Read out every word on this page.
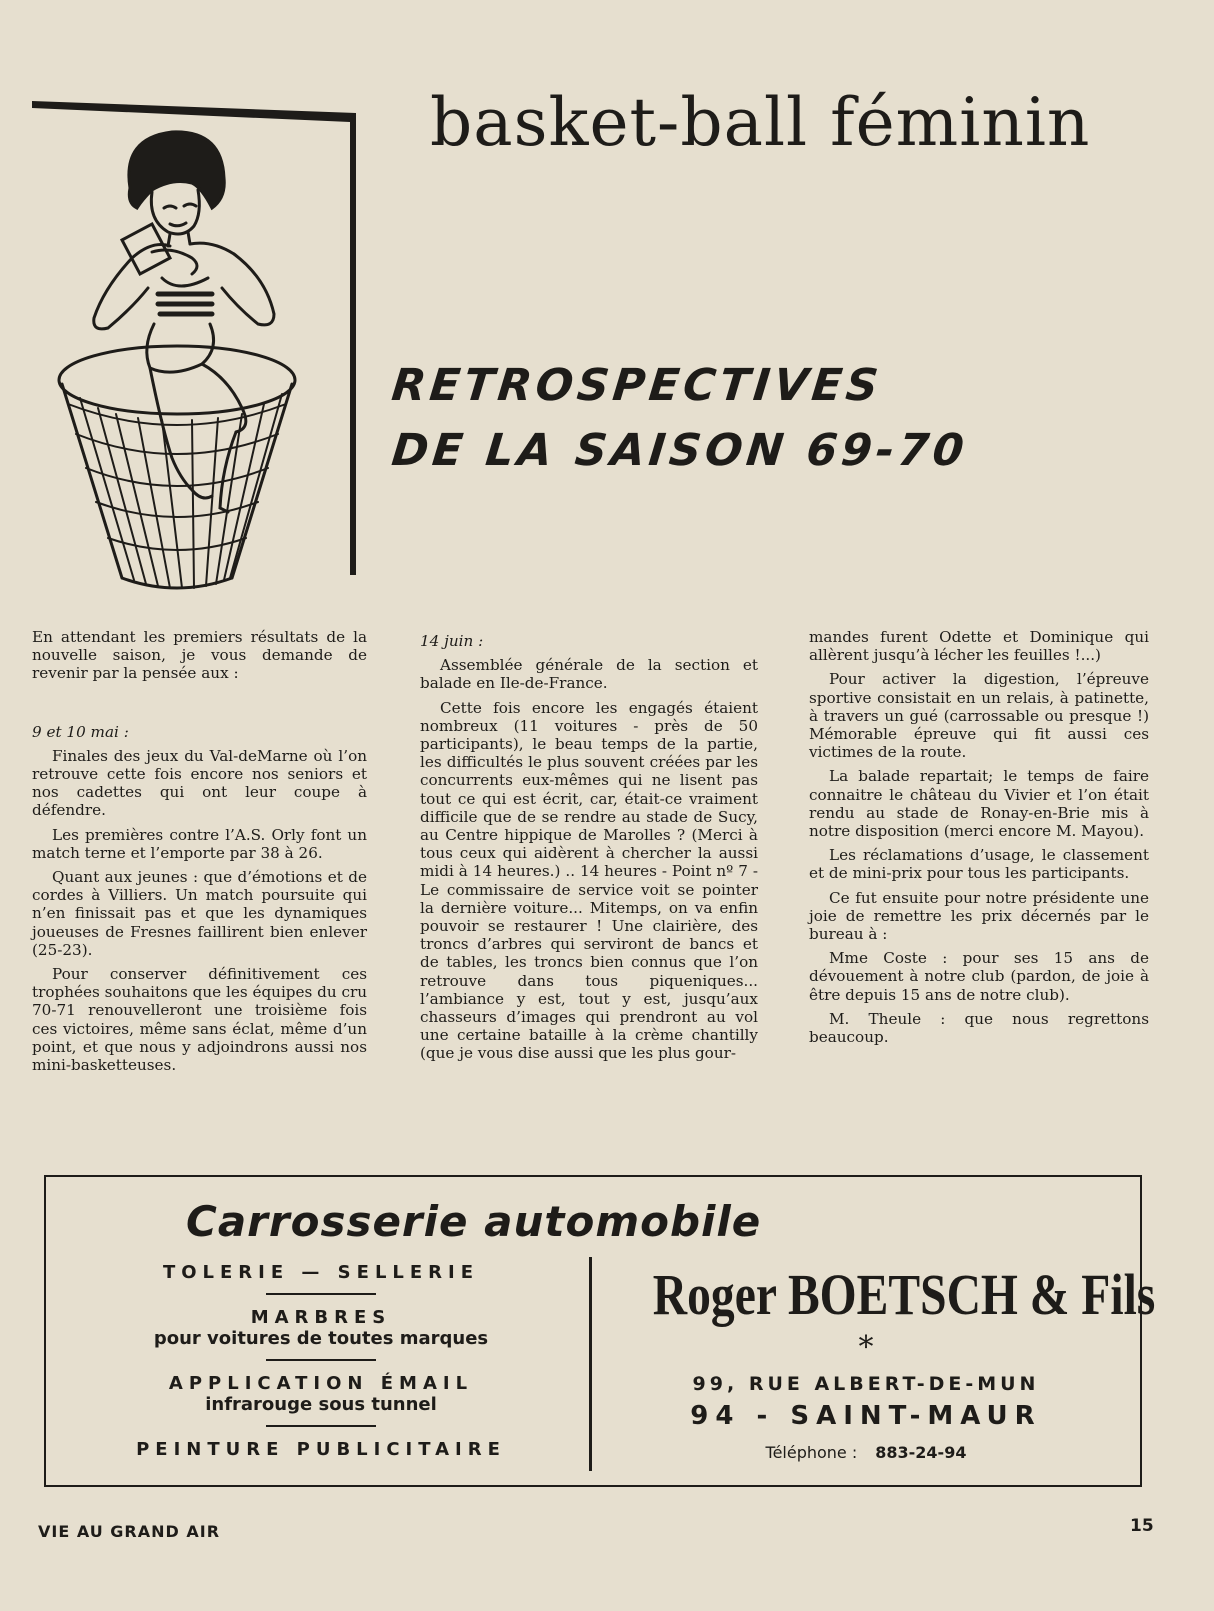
basket-ball féminin
RETROSPECTIVES
DE LA SAISON 69-70

En attendant les premiers résultats de la nouvelle saison, je vous demande de revenir par la pensée aux :

9 et 10 mai :

Finales des jeux du Val-deMarne où l’on retrouve cette fois encore nos seniors et nos cadettes qui ont leur coupe à défendre.

Les premières contre l’A.S. Orly font un match terne et l’emporte par 38 à 26.

Quant aux jeunes : que d’émotions et de cordes à Villiers. Un match poursuite qui n’en finissait pas et que les dynamiques joueuses de Fresnes faillirent bien enlever (25-23).

Pour conserver définitivement ces trophées souhaitons que les équipes du cru 70-71 renouvelleront une troisième fois ces victoires, même sans éclat, même d’un point, et que nous y adjoindrons aussi nos mini-basketteuses.

14 juin :

Assemblée générale de la section et balade en Ile-de-France.

Cette fois encore les engagés étaient nombreux (11 voitures - près de 50 participants), le beau temps de la partie, les difficultés le plus souvent créées par les concurrents eux-mêmes qui ne lisent pas tout ce qui est écrit, car, était-ce vraiment difficile que de se rendre au stade de Sucy, au Centre hippique de Marolles ? (Merci à tous ceux qui aidèrent à chercher la aussi midi à 14 heures.) .. 14 heures - Point nº 7 - Le commissaire de service voit se pointer la dernière voiture... Mitemps, on va enfin pouvoir se restaurer ! Une clairière, des troncs d’arbres qui serviront de bancs et de tables, les troncs bien connus que l’on retrouve dans tous piqueniques... l’ambiance y est, tout y est, jusqu’aux chasseurs d’images qui prendront au vol une certaine bataille à la crème chantilly (que je vous dise aussi que les plus gour-

mandes furent Odette et Dominique qui allèrent jusqu’à lécher les feuilles !...)

Pour activer la digestion, l’épreuve sportive consistait en un relais, à patinette, à travers un gué (carrossable ou presque !) Mémorable épreuve qui fit aussi ces victimes de la route.

La balade repartait; le temps de faire connaitre le château du Vivier et l’on était rendu au stade de Ronay-en-Brie mis à notre disposition (merci encore M. Mayou).

Les réclamations d’usage, le classement et de mini-prix pour tous les participants.

Ce fut ensuite pour notre présidente une joie de remettre les prix décernés par le bureau à :

Mme Coste : pour ses 15 ans de dévouement à notre club (pardon, de joie à être depuis 15 ans de notre club).

M. Theule : que nous regrettons beaucoup.

Carrosserie automobile
TOLERIE — SELLERIE
MARBRES
pour voitures de toutes marques
APPLICATION ÉMAIL
infrarouge sous tunnel
PEINTURE PUBLICITAIRE
Roger BOETSCH & Fils
*
99, RUE ALBERT-DE-MUN
94 - SAINT-MAUR
Téléphone : 883-24-94
VIE AU GRAND AIR	15
